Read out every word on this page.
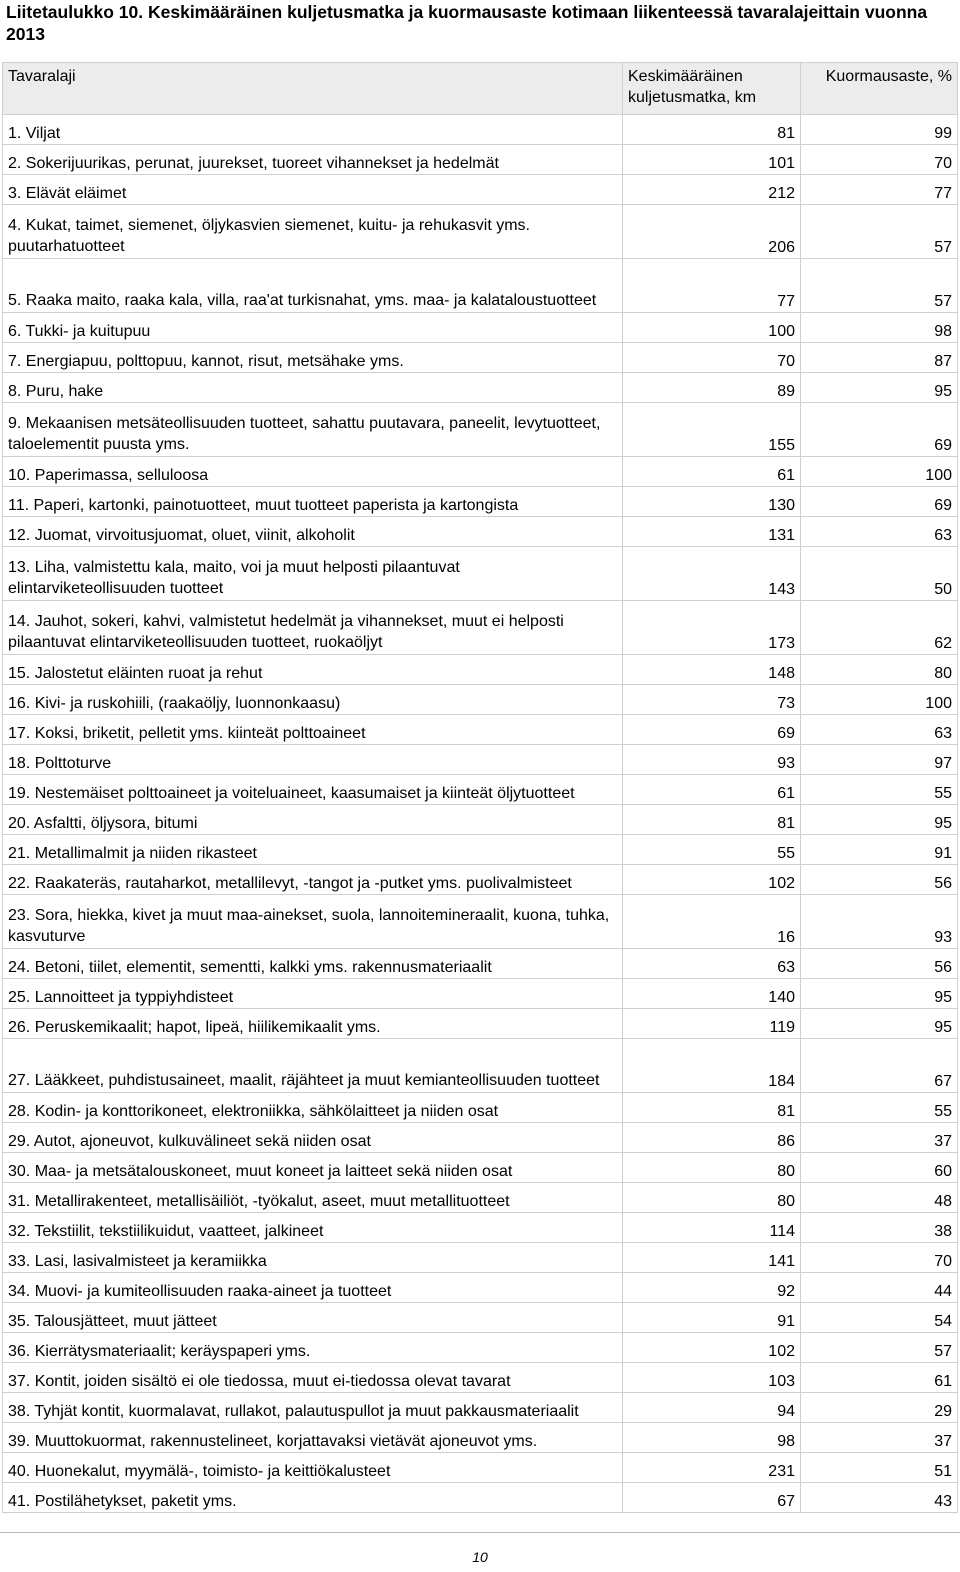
Liitetaulukko 10. Keskimääräinen kuljetusmatka ja kuormausaste kotimaan liikenteessä tavaralajeittain vuonna 2013
Tavaralaji	Keskimääräinen kuljetusmatka, km	Kuormausaste, %
1. Viljat	81	99
2. Sokerijuurikas, perunat, juurekset, tuoreet vihannekset ja hedelmät	101	70
3. Elävät eläimet	212	77
4. Kukat, taimet, siemenet, öljykasvien siemenet, kuitu- ja rehukasvit yms. puutarhatuotteet	206	57
5. Raaka maito, raaka kala, villa, raa'at turkisnahat, yms. maa- ja kalataloustuotteet	77	57
6. Tukki- ja kuitupuu	100	98
7. Energiapuu, polttopuu, kannot, risut, metsähake yms.	70	87
8. Puru, hake	89	95
9. Mekaanisen metsäteollisuuden tuotteet, sahattu puutavara, paneelit, levytuotteet, taloelementit puusta yms.	155	69
10. Paperimassa, selluloosa	61	100
11. Paperi, kartonki, painotuotteet, muut tuotteet paperista ja kartongista	130	69
12. Juomat, virvoitusjuomat, oluet, viinit, alkoholit	131	63
13. Liha, valmistettu kala, maito, voi ja muut helposti pilaantuvat elintarviketeollisuuden tuotteet	143	50
14. Jauhot, sokeri, kahvi, valmistetut hedelmät ja vihannekset, muut ei helposti pilaantuvat elintarviketeollisuuden tuotteet, ruokaöljyt	173	62
15. Jalostetut eläinten ruoat ja rehut	148	80
16. Kivi- ja ruskohiili, (raakaöljy, luonnonkaasu)	73	100
17. Koksi, briketit, pelletit yms. kiinteät polttoaineet	69	63
18. Polttoturve	93	97
19. Nestemäiset polttoaineet ja voiteluaineet, kaasumaiset ja kiinteät öljytuotteet	61	55
20. Asfaltti, öljysora, bitumi	81	95
21. Metallimalmit ja niiden rikasteet	55	91
22. Raakateräs, rautaharkot, metallilevyt, -tangot ja -putket yms. puolivalmisteet	102	56
23. Sora, hiekka, kivet ja muut maa-ainekset, suola, lannoitemineraalit, kuona, tuhka, kasvuturve	16	93
24. Betoni, tiilet, elementit, sementti, kalkki yms. rakennusmateriaalit	63	56
25. Lannoitteet ja typpiyhdisteet	140	95
26. Peruskemikaalit; hapot, lipeä, hiilikemikaalit yms.	119	95
27. Lääkkeet, puhdistusaineet, maalit, räjähteet ja muut kemianteollisuuden tuotteet	184	67
28. Kodin- ja konttorikoneet, elektroniikka, sähkölaitteet ja niiden osat	81	55
29. Autot, ajoneuvot, kulkuvälineet sekä niiden osat	86	37
30. Maa- ja metsätalouskoneet, muut koneet ja laitteet sekä niiden osat	80	60
31. Metallirakenteet, metallisäiliöt, -työkalut, aseet, muut metallituotteet	80	48
32. Tekstiilit, tekstiilikuidut, vaatteet, jalkineet	114	38
33. Lasi, lasivalmisteet ja keramiikka	141	70
34. Muovi- ja kumiteollisuuden raaka-aineet ja tuotteet	92	44
35. Talousjätteet, muut jätteet	91	54
36. Kierrätysmateriaalit; keräyspaperi yms.	102	57
37. Kontit, joiden sisältö ei ole tiedossa, muut ei-tiedossa olevat tavarat	103	61
38. Tyhjät kontit, kuormalavat, rullakot, palautuspullot ja muut pakkausmateriaalit	94	29
39. Muuttokuormat, rakennustelineet, korjattavaksi vietävät ajoneuvot yms.	98	37
40. Huonekalut, myymälä-, toimisto- ja keittiökalusteet	231	51
41. Postilähetykset, paketit yms.	67	43
10
